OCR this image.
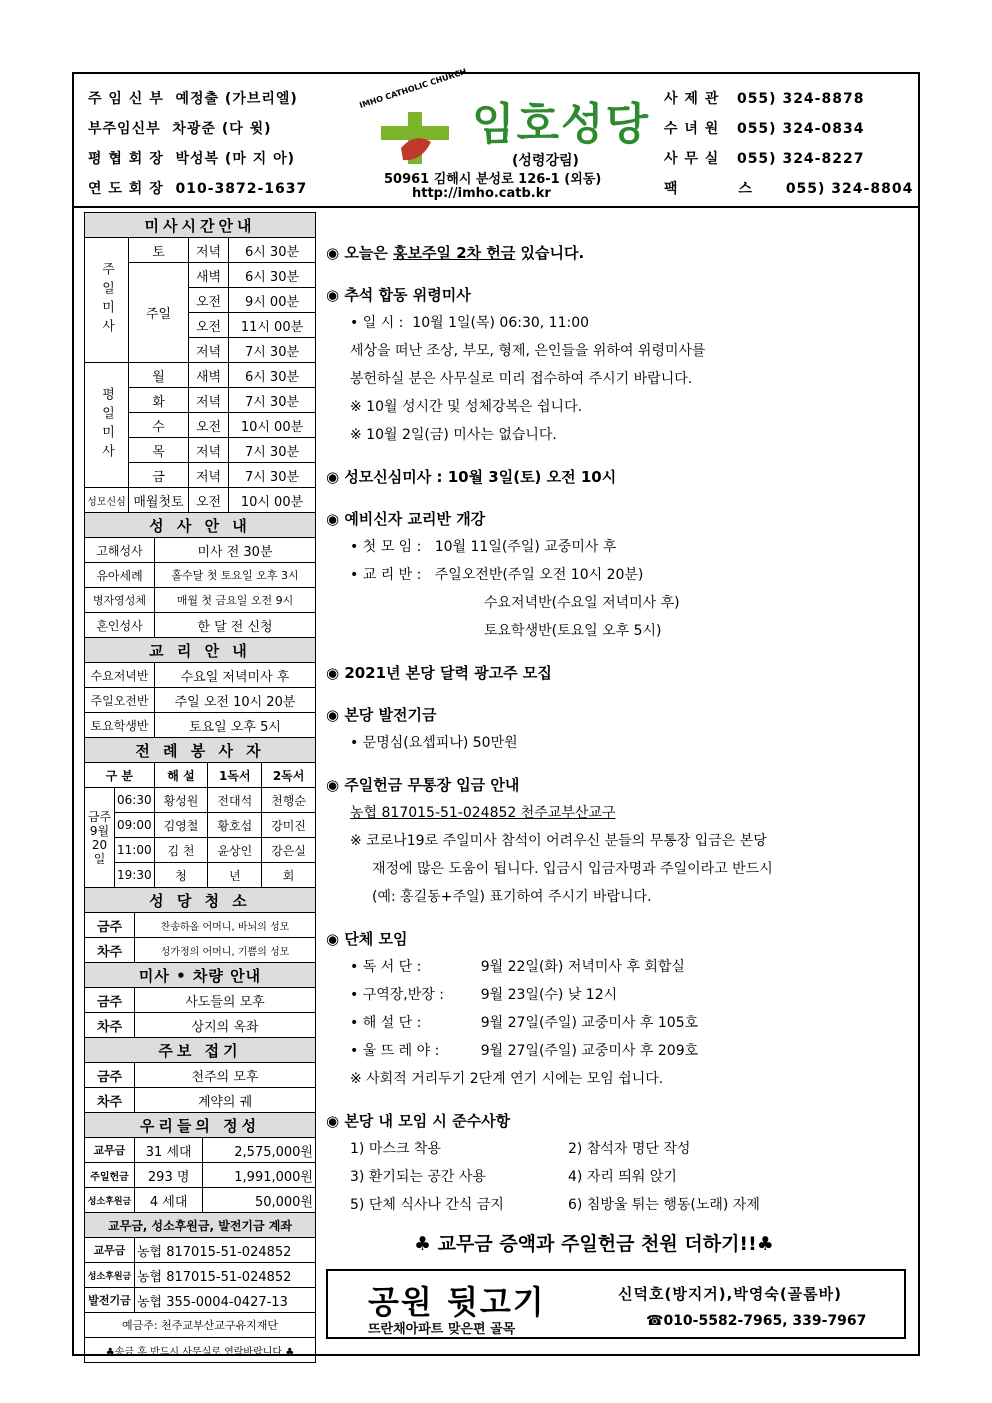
주 임 신 부 예정출 (가브리엘)
부주임신부 차광준 (다 윗)
평 협 회 장 박성복 (마 지 아)
연 도 회 장 010-3872-1637
IMHO CATHOLIC CHURCH
임호성당
(성령강림)
50961 김해시 분성로 126-1 (외동)
http://imho.catb.kr
사 제 관 055) 324-8878
수 녀 원 055) 324-0834
사 무 실 055) 324-8227
팩 스 055) 324-8804
미사시간안내			
주일미사	토	저녁	6시 30분
	주일	새벽	6시 30분
		오전	9시 00분
		오전	11시 00분
		저녁	7시 30분
평일미사	월	새벽	6시 30분
	화	저녁	7시 30분
	수	오전	10시 00분
	목	저녁	7시 30분
	금	저녁	7시 30분
성모신심	매월첫토	오전	10시 00분
성 사 안 내	
고해성사	미사 전 30분
유아세례	홀수달 첫 토요일 오후 3시
병자영성체	매월 첫 금요일 오전 9시
혼인성사	한 달 전 신청
교 리 안 내	
수요저녁반	수요일 저녁미사 후
주일오전반	주일 오전 10시 20분
토요학생반	토요일 오후 5시
전 례 봉 사 자				
구 분		해 설	1독서	2독서
금주 9월 20일	06:30	황성원	전대석	천행순
	09:00	김영철	황호섭	강미진
	11:00	김 천	윤상인	강은실
	19:30	청	년	회
성 당 청 소	
금주	찬송하올 어머니, 바뇌의 성모
차주	성가정의 어머니, 기쁨의 성모
미사 • 차량 안내	
금주	사도들의 모후
차주	상지의 옥좌
주보 접기	
금주	천주의 모후
차주	계약의 궤
우리들의 정성		
교무금	31 세대	2,575,000원
주일헌금	293 명	1,991,000원
성소후원금	4 세대	50,000원
교무금, 성소후원금, 발전기금 계좌	
교무금	농협 817015-51-024852
성소후원금	농협 817015-51-024852
발전기금	농협 355-0004-0427-13
예금주: 천주교부산교구유지재단	
♣송금 후 반드시 사무실로 연락바랍니다.♣	
◉ 오늘은 홍보주일 2차 헌금 있습니다.
◉ 추석 합동 위령미사
• 일 시 : 10월 1일(목) 06:30, 11:00
세상을 떠난 조상, 부모, 형제, 은인들을 위하여 위령미사를
봉헌하실 분은 사무실로 미리 접수하여 주시기 바랍니다.
※ 10월 성시간 및 성체강복은 쉽니다.
※ 10월 2일(금) 미사는 없습니다.
◉ 성모신심미사 : 10월 3일(토) 오전 10시
◉ 예비신자 교리반 개강
• 첫 모 임 : 10월 11일(주일) 교중미사 후
• 교 리 반 : 주일오전반(주일 오전 10시 20분)
수요저녁반(수요일 저녁미사 후)
토요학생반(토요일 오후 5시)
◉ 2021년 본당 달력 광고주 모집
◉ 본당 발전기금
• 문명심(요셉피나) 50만원
◉ 주일헌금 무통장 입금 안내
농협 817015-51-024852 천주교부산교구
※ 코로나19로 주일미사 참석이 어려우신 분들의 무통장 입금은 본당
재정에 많은 도움이 됩니다. 입금시 입금자명과 주일이라고 반드시
(예: 홍길동+주일) 표기하여 주시기 바랍니다.
◉ 단체 모임
• 독 서 단 :	9월 22일(화) 저녁미사 후 회합실
• 구역장,반장 :	9월 23일(수) 낮 12시
• 해 설 단 :	9월 27일(주일) 교중미사 후 105호
• 울 뜨 레 야 :	9월 27일(주일) 교중미사 후 209호
※ 사회적 거리두기 2단계 연기 시에는 모임 쉽니다.
◉ 본당 내 모임 시 준수사항
1) 마스크 착용	2) 참석자 명단 작성
3) 환기되는 공간 사용	4) 자리 띄워 앉기
5) 단체 식사나 간식 금지	6) 침방울 튀는 행동(노래) 자제
♣ 교무금 증액과 주일헌금 천원 더하기!!♣
공원 뒷고기
뜨란채아파트 맞은편 골목
신덕호(방지거),박영숙(골롬바)
☎010-5582-7965, 339-7967
